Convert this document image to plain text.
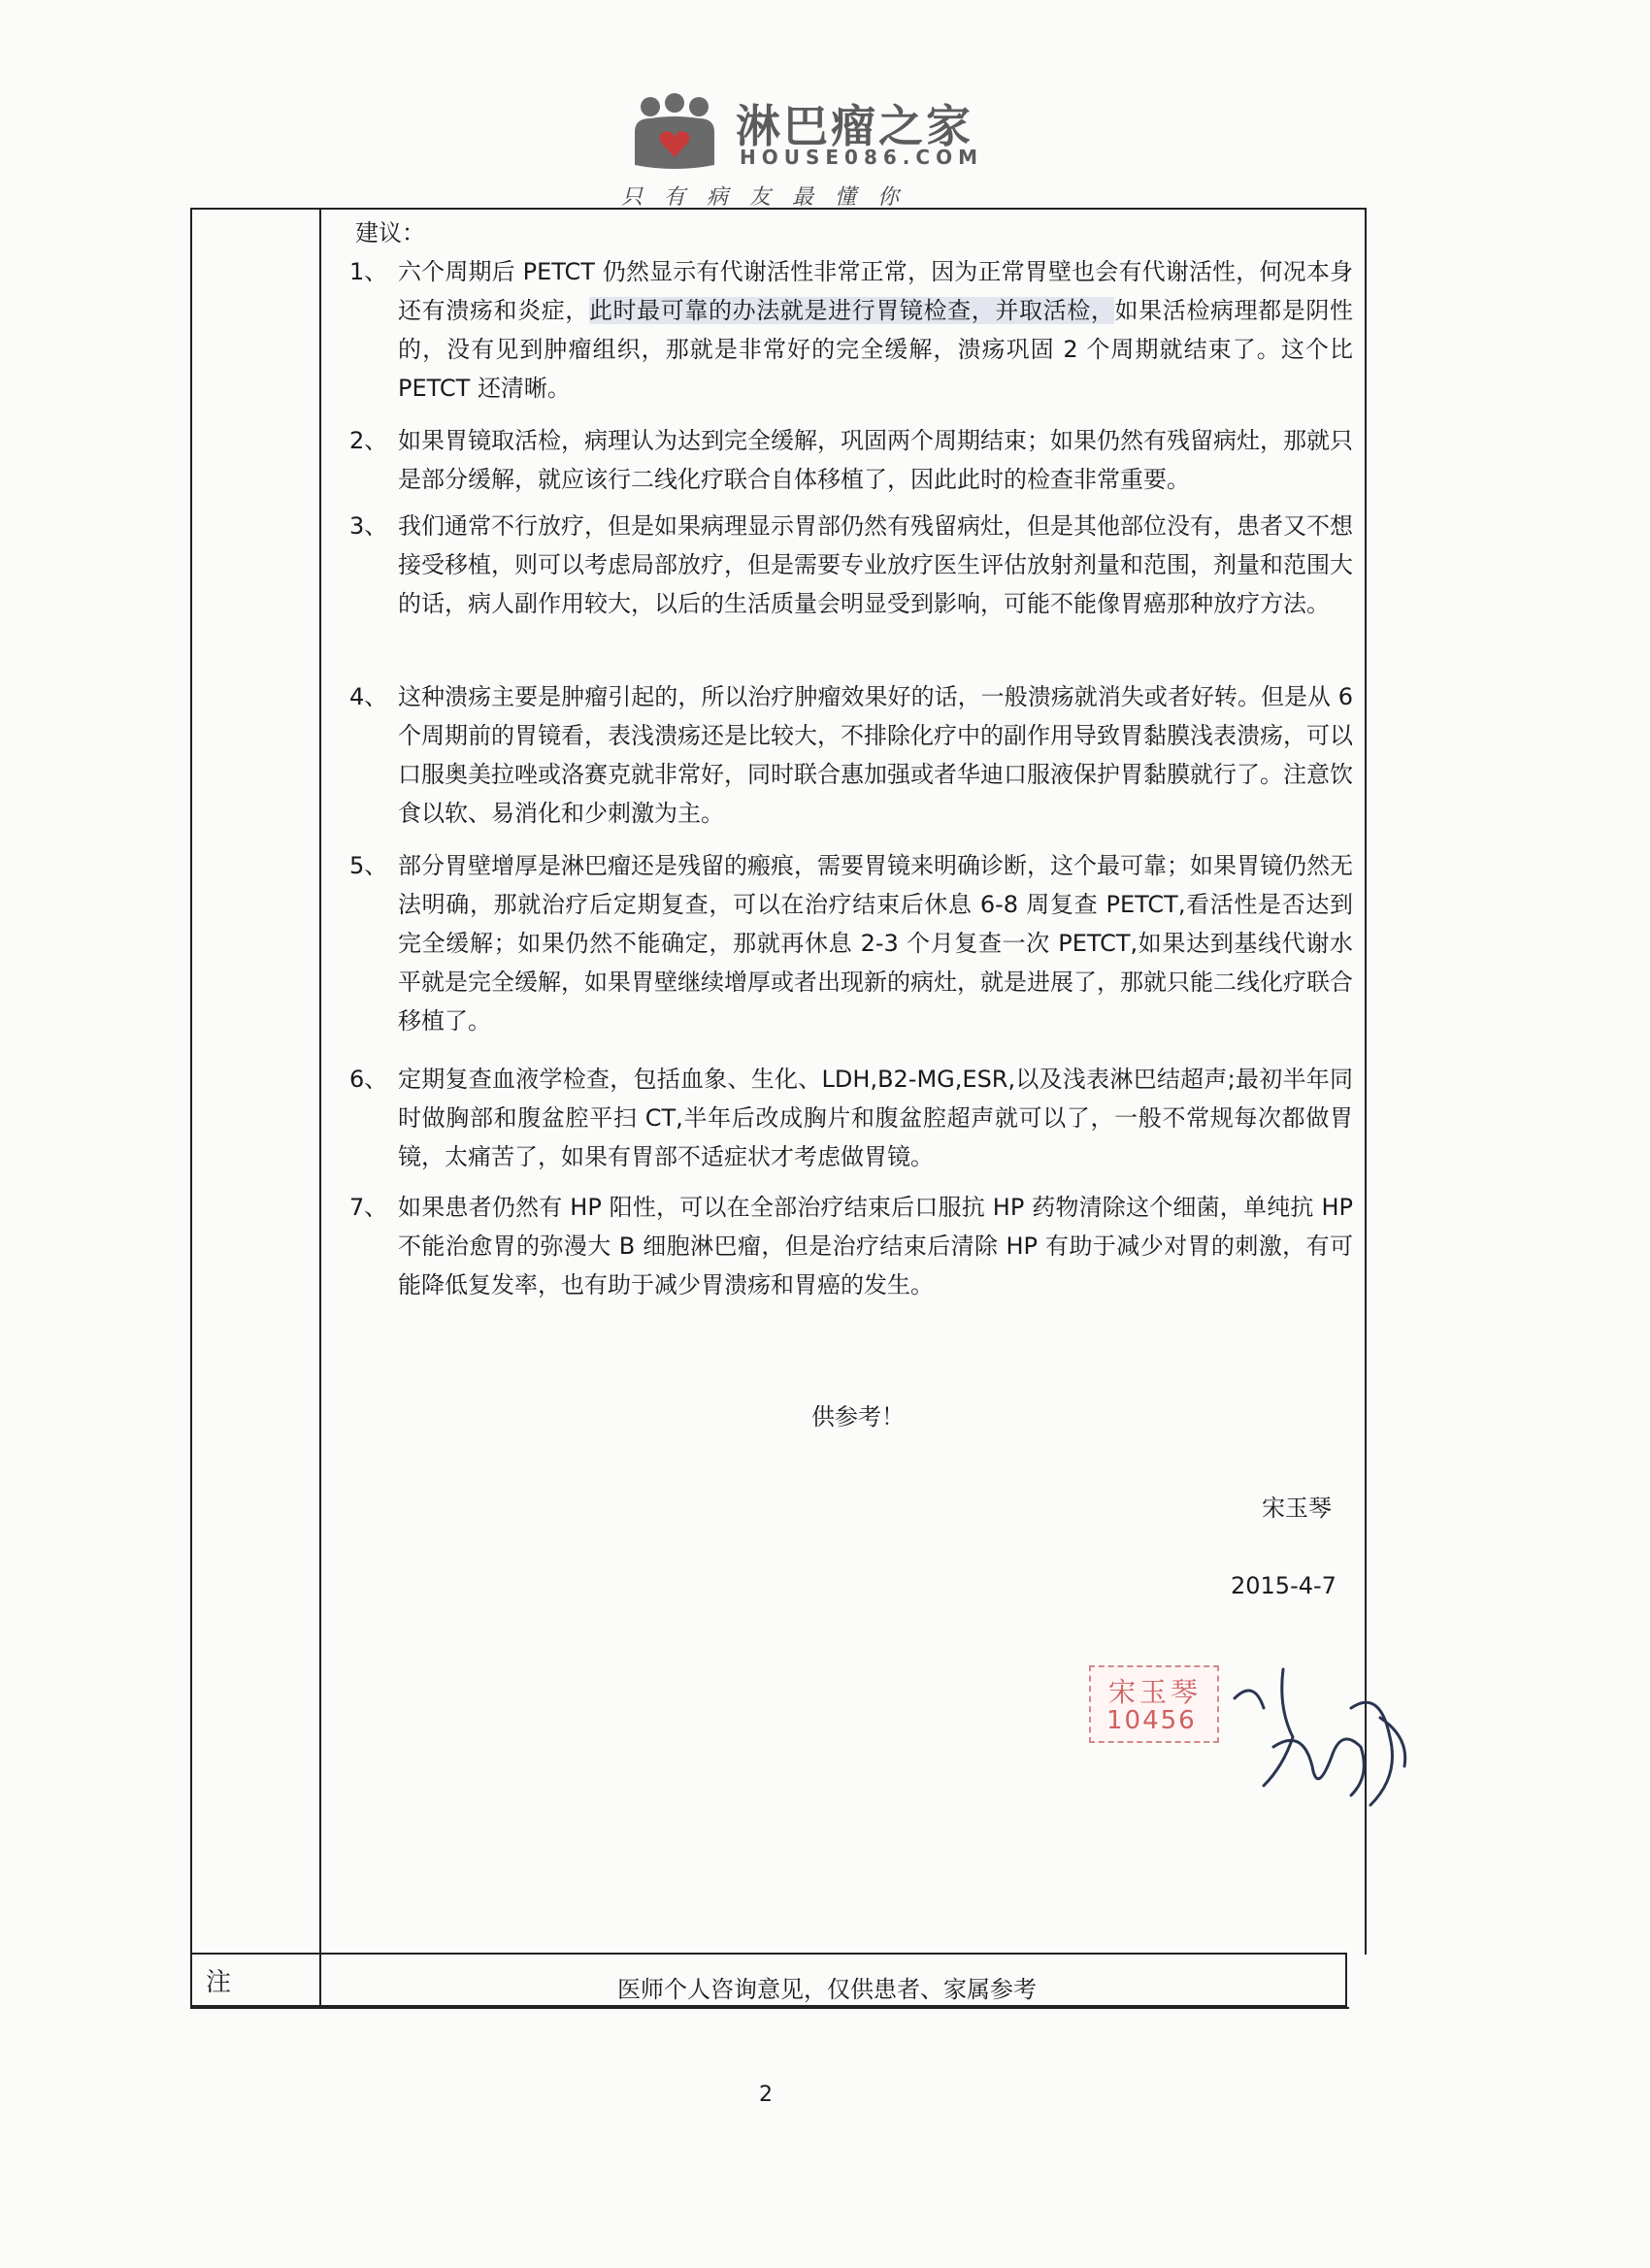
淋巴瘤之家
HOUSE086.COM
只有病友最懂你
建议：
1、 六个周期后 PETCT 仍然显示有代谢活性非常正常，因为正常胃壁也会有代谢活性，何况本身还有溃疡和炎症，此时最可靠的办法就是进行胃镜检查，并取活检，如果活检病理都是阴性的，没有见到肿瘤组织，那就是非常好的完全缓解，溃疡巩固 2 个周期就结束了。这个比 PETCT 还清晰。
2、 如果胃镜取活检，病理认为达到完全缓解，巩固两个周期结束；如果仍然有残留病灶，那就只是部分缓解，就应该行二线化疗联合自体移植了，因此此时的检查非常重要。
3、 我们通常不行放疗，但是如果病理显示胃部仍然有残留病灶，但是其他部位没有，患者又不想接受移植，则可以考虑局部放疗，但是需要专业放疗医生评估放射剂量和范围，剂量和范围大的话，病人副作用较大，以后的生活质量会明显受到影响，可能不能像胃癌那种放疗方法。
4、 这种溃疡主要是肿瘤引起的，所以治疗肿瘤效果好的话，一般溃疡就消失或者好转。但是从 6 个周期前的胃镜看，表浅溃疡还是比较大，不排除化疗中的副作用导致胃黏膜浅表溃疡，可以口服奥美拉唑或洛赛克就非常好，同时联合惠加强或者华迪口服液保护胃黏膜就行了。注意饮食以软、易消化和少刺激为主。
5、 部分胃壁增厚是淋巴瘤还是残留的瘢痕，需要胃镜来明确诊断，这个最可靠；如果胃镜仍然无法明确，那就治疗后定期复查，可以在治疗结束后休息 6-8 周复查 PETCT,看活性是否达到完全缓解；如果仍然不能确定，那就再休息 2-3 个月复查一次 PETCT,如果达到基线代谢水平就是完全缓解，如果胃壁继续增厚或者出现新的病灶，就是进展了，那就只能二线化疗联合移植了。
6、 定期复查血液学检查，包括血象、生化、LDH,B2-MG,ESR,以及浅表淋巴结超声;最初半年同时做胸部和腹盆腔平扫 CT,半年后改成胸片和腹盆腔超声就可以了，一般不常规每次都做胃镜，太痛苦了，如果有胃部不适症状才考虑做胃镜。
7、 如果患者仍然有 HP 阳性，可以在全部治疗结束后口服抗 HP 药物清除这个细菌，单纯抗 HP 不能治愈胃的弥漫大 B 细胞淋巴瘤，但是治疗结束后清除 HP 有助于减少对胃的刺激，有可能降低复发率，也有助于减少胃溃疡和胃癌的发生。
供参考！
宋玉琴
2015-4-7
宋玉琴
10456
注	医师个人咨询意见，仅供患者、家属参考
2
